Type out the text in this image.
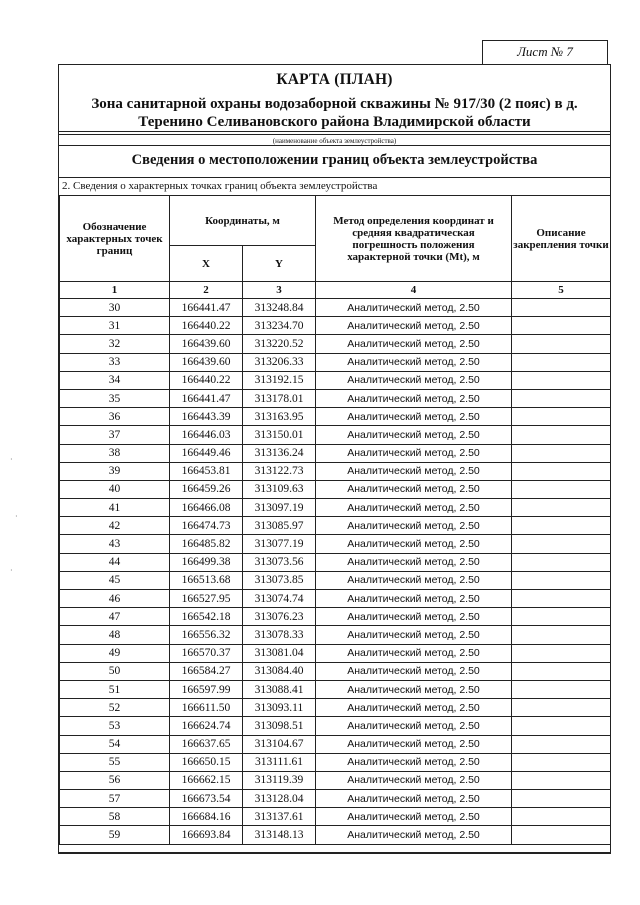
Лист № 7
·
·
·
КАРТА (ПЛАН)
Зона санитарной охраны водозаборной скважины № 917/30 (2 пояс) в д.
Теренино Селивановского района Владимирской области
(наименование объекта землеустройства)
Сведения о местоположении границ объекта землеустройства
2. Сведения о характерных точках границ объекта землеустройства
Обозначение характерных точек границ	Координаты, м		Метод определения координат и средняя квадратическая погрешность положения характерной точки (Mt), м	Описание закрепления точки
	X	Y		
1	2	3	4	5
30	166441.47	313248.84	Аналитический метод, 2.50	
31	166440.22	313234.70	Аналитический метод, 2.50	
32	166439.60	313220.52	Аналитический метод, 2.50	
33	166439.60	313206.33	Аналитический метод, 2.50	
34	166440.22	313192.15	Аналитический метод, 2.50	
35	166441.47	313178.01	Аналитический метод, 2.50	
36	166443.39	313163.95	Аналитический метод, 2.50	
37	166446.03	313150.01	Аналитический метод, 2.50	
38	166449.46	313136.24	Аналитический метод, 2.50	
39	166453.81	313122.73	Аналитический метод, 2.50	
40	166459.26	313109.63	Аналитический метод, 2.50	
41	166466.08	313097.19	Аналитический метод, 2.50	
42	166474.73	313085.97	Аналитический метод, 2.50	
43	166485.82	313077.19	Аналитический метод, 2.50	
44	166499.38	313073.56	Аналитический метод, 2.50	
45	166513.68	313073.85	Аналитический метод, 2.50	
46	166527.95	313074.74	Аналитический метод, 2.50	
47	166542.18	313076.23	Аналитический метод, 2.50	
48	166556.32	313078.33	Аналитический метод, 2.50	
49	166570.37	313081.04	Аналитический метод, 2.50	
50	166584.27	313084.40	Аналитический метод, 2.50	
51	166597.99	313088.41	Аналитический метод, 2.50	
52	166611.50	313093.11	Аналитический метод, 2.50	
53	166624.74	313098.51	Аналитический метод, 2.50	
54	166637.65	313104.67	Аналитический метод, 2.50	
55	166650.15	313111.61	Аналитический метод, 2.50	
56	166662.15	313119.39	Аналитический метод, 2.50	
57	166673.54	313128.04	Аналитический метод, 2.50	
58	166684.16	313137.61	Аналитический метод, 2.50	
59	166693.84	313148.13	Аналитический метод, 2.50	
